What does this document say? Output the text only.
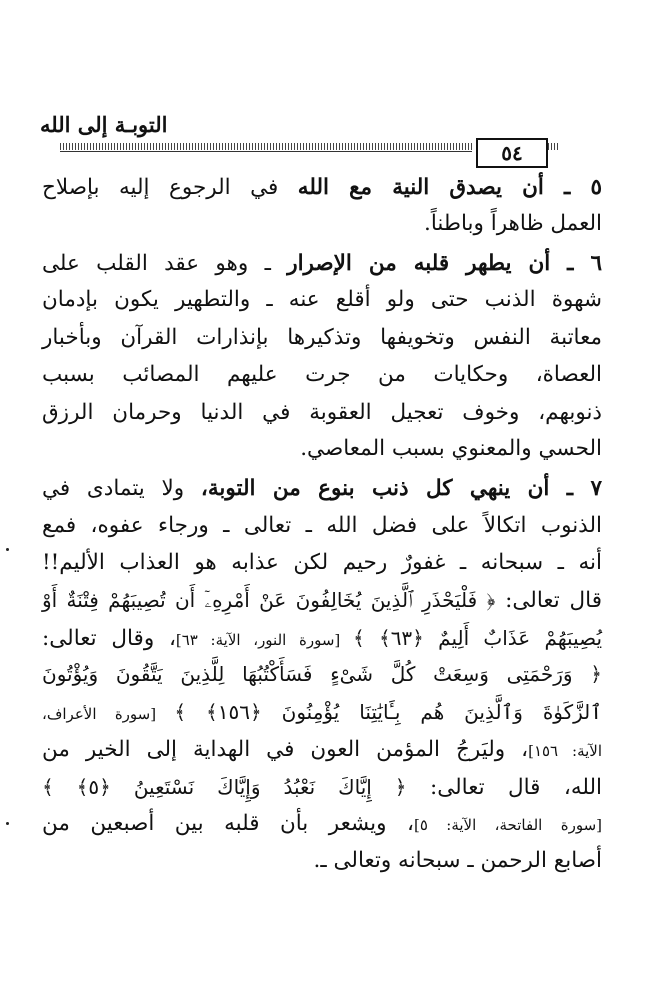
التوبـة إلى الله
٥٤
٥ ـ أن يصدق النية مع الله في الرجوع إليه بإصلاح
العمل ظاهراً وباطناً.
٦ ـ أن يطهر قلبه من الإصرار ـ وهو عقد القلب على
شهوة الذنب حتى ولو أقلع عنه ـ والتطهير يكون بإدمان
معاتبة النفس وتخويفها وتذكيرها بإنذارات القرآن وبأخبار
العصاة، وحكايات من جرت عليهم المصائب بسبب
ذنوبهم، وخوف تعجيل العقوبة في الدنيا وحرمان الرزق
الحسي والمعنوي بسبب المعاصي.
٧ ـ أن ينهي كل ذنب بنوع من التوبة، ولا يتمادى في
الذنوب اتكالاً على فضل الله ـ تعالى ـ ورجاء عفوه، فمع
أنه ـ سبحانه ـ غفورٌ رحيم لكن عذابه هو العذاب الأليم!!
قال تعالى: ﴿ فَلْيَحْذَرِ ٱلَّذِينَ يُخَالِفُونَ عَنْ أَمْرِهِۦٓ أَن تُصِيبَهُمْ فِتْنَةٌ أَوْ
يُصِيبَهُمْ عَذَابٌ أَلِيمٌ ﴿٦٣﴾ ﴾ [سورة النور، الآية: ٦٣]، وقال تعالى:
﴿ وَرَحْمَتِى وَسِعَتْ كُلَّ شَىْءٍ فَسَأَكْتُبُهَا لِلَّذِينَ يَتَّقُونَ وَيُؤْتُونَ
ٱلزَّكَوٰةَ وَٱلَّذِينَ هُم بِـَٔايَٰتِنَا يُؤْمِنُونَ ﴿١٥٦﴾ ﴾ [سورة الأعراف،
الآية: ١٥٦]، وليَرجُ المؤمن العون في الهداية إلى الخير من
الله، قال تعالى: ﴿ إِيَّاكَ نَعْبُدُ وَإِيَّاكَ نَسْتَعِينُ ﴿٥﴾ ﴾
[سورة الفاتحة، الآية: ٥]، ويشعر بأن قلبه بين أصبعين من
أصابع الرحمن ـ سبحانه وتعالى ـ.
